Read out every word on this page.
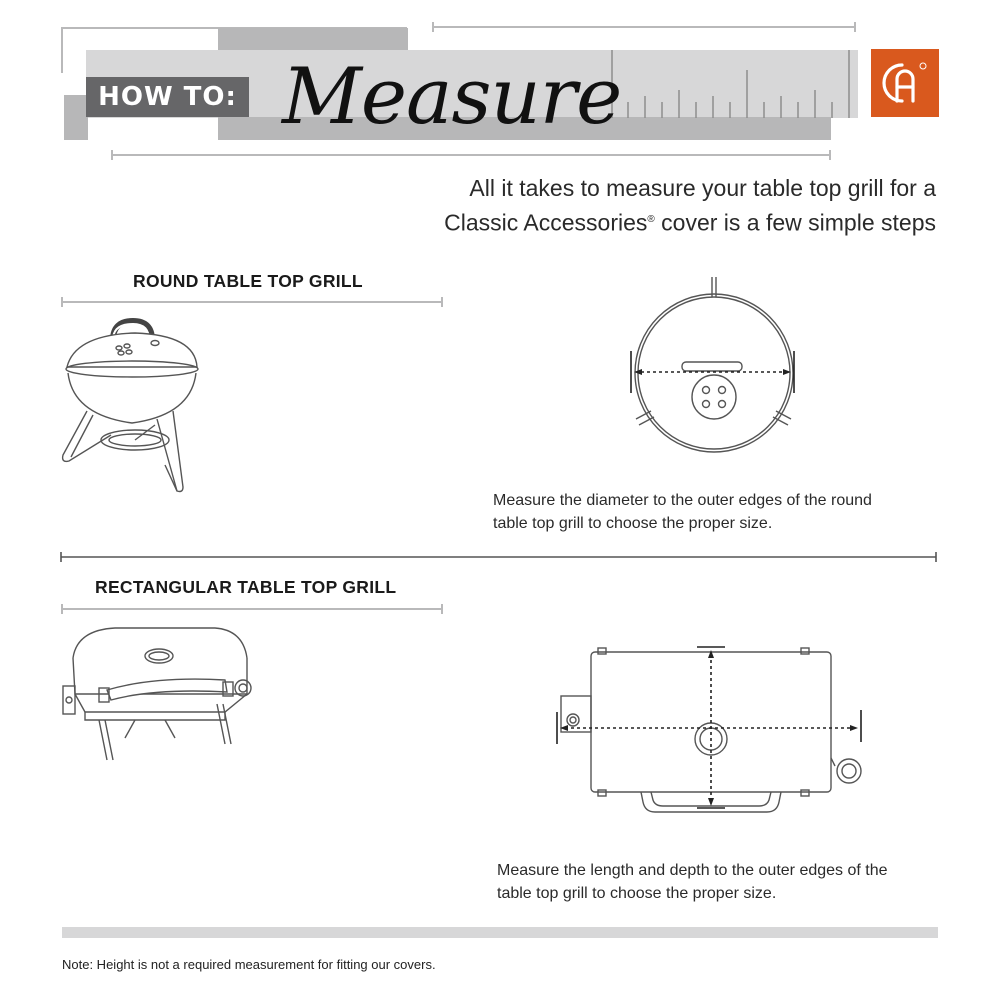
HOW TO: Measure
All it takes to measure your table top grill for a
Classic Accessories® cover is a few simple steps
ROUND TABLE TOP GRILL
Measure the diameter to the outer edges of the round
table top grill to choose the proper size.
RECTANGULAR TABLE TOP GRILL
Measure the length and depth to the outer edges of the
table top grill to choose the proper size.
Note: Height is not a required measurement for fitting our covers.
